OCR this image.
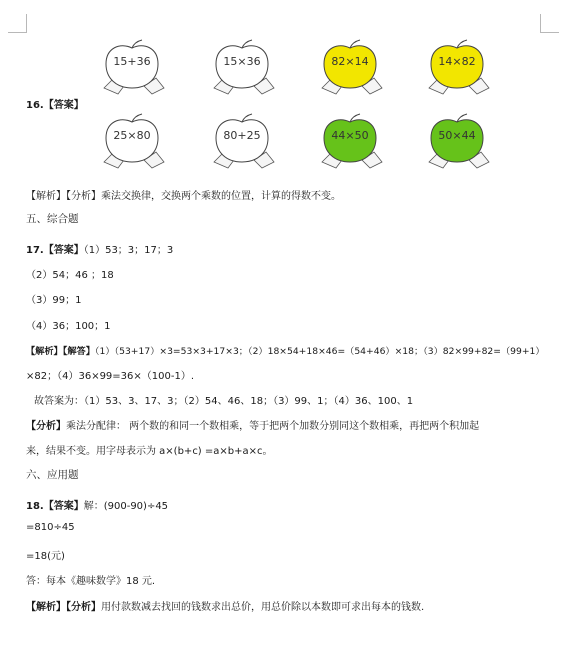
15+36	15×36	82×14	14×82
25×80	80+25	44×50	50×44
16.【答案】
【解析】【分析】乘法交换律，交换两个乘数的位置，计算的得数不变。
五、综合题
17.【答案】（1）53；3；17；3
（2）54；46 ；18
（3）99；1
（4）36；100；1
【解析】【解答】（1）（53+17）×3=53×3+17×3；（2）18×54+18×46=（54+46）×18；（3）82×99+82=（99+1）
×82；（4）36×99=36×（100-1）.
故答案为：（1）53、3、17、3；（2）54、46、18；（3）99、1；（4）36、100、1
【分析】乘法分配律： 两个数的和同一个数相乘，等于把两个加数分别同这个数相乘，再把两个积加起
来，结果不变。用字母表示为 a×(b+c) =a×b+a×c。
六、应用题
18.【答案】解：(900-90)÷45
=810÷45
=18(元)
答：每本《趣味数学》18 元.
【解析】【分析】用付款数减去找回的钱数求出总价，用总价除以本数即可求出每本的钱数.
